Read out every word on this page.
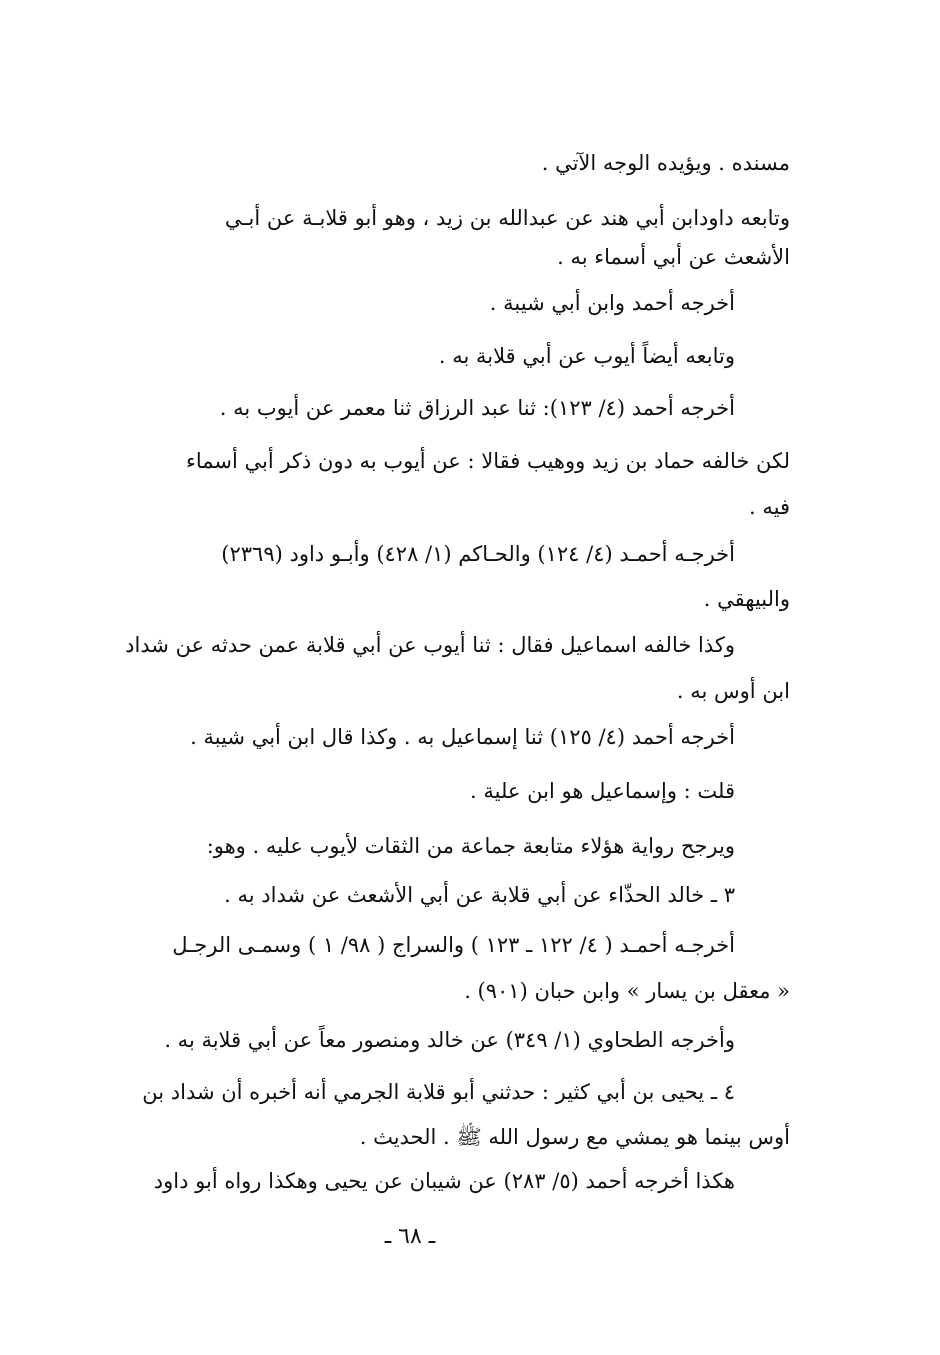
مسنده . ويؤيده الوجه الآتي .

وتابعه داودابن أبي هند عن عبدالله بن زيد ، وهو أبو قلابـة عن أبـي

الأشعث عن أبي أسماء به .

أخرجه أحمد وابن أبي شيبة .

وتابعه أيضاً أيوب عن أبي قلابة به .

أخرجه أحمد (٤/ ١٢٣): ثنا عبد الرزاق ثنا معمر عن أيوب به .

لكن خالفه حماد بن زيد ووهيب فقالا : عن أيوب به دون ذكر أبي أسماء

فيه .

أخرجـه أحمـد (٤/ ١٢٤) والحـاكم (١/ ٤٢٨) وأبـو داود (٢٣٦٩)

والبيهقي .

وكذا خالفه اسماعيل فقال : ثنا أيوب عن أبي قلابة عمن حدثه عن شداد

ابن أوس به .

أخرجه أحمد (٤/ ١٢٥) ثنا إسماعيل به . وكذا قال ابن أبي شيبة .

قلت : وإسماعيل هو ابن علية .

ويرجح رواية هؤلاء متابعة جماعة من الثقات لأيوب عليه . وهو:

٣ ـ خالد الحذّاء عن أبي قلابة عن أبي الأشعث عن شداد به .

أخرجـه أحمـد ( ٤/ ١٢٢ ـ ١٢٣ ) والسراج ( ٩٨/ ١ ) وسمـى الرجـل

« معقل بن يسار » وابن حبان (٩٠١) .

وأخرجه الطحاوي (١/ ٣٤٩) عن خالد ومنصور معاً عن أبي قلابة به .

٤ ـ يحيى بن أبي كثير : حدثني أبو قلابة الجرمي أنه أخبره أن شداد بن

أوس بينما هو يمشي مع رسول الله ﷺ . الحديث .

هكذا أخرجه أحمد (٥/ ٢٨٣) عن شيبان عن يحيى وهكذا رواه أبو داود

ـ ٦٨ ـ
